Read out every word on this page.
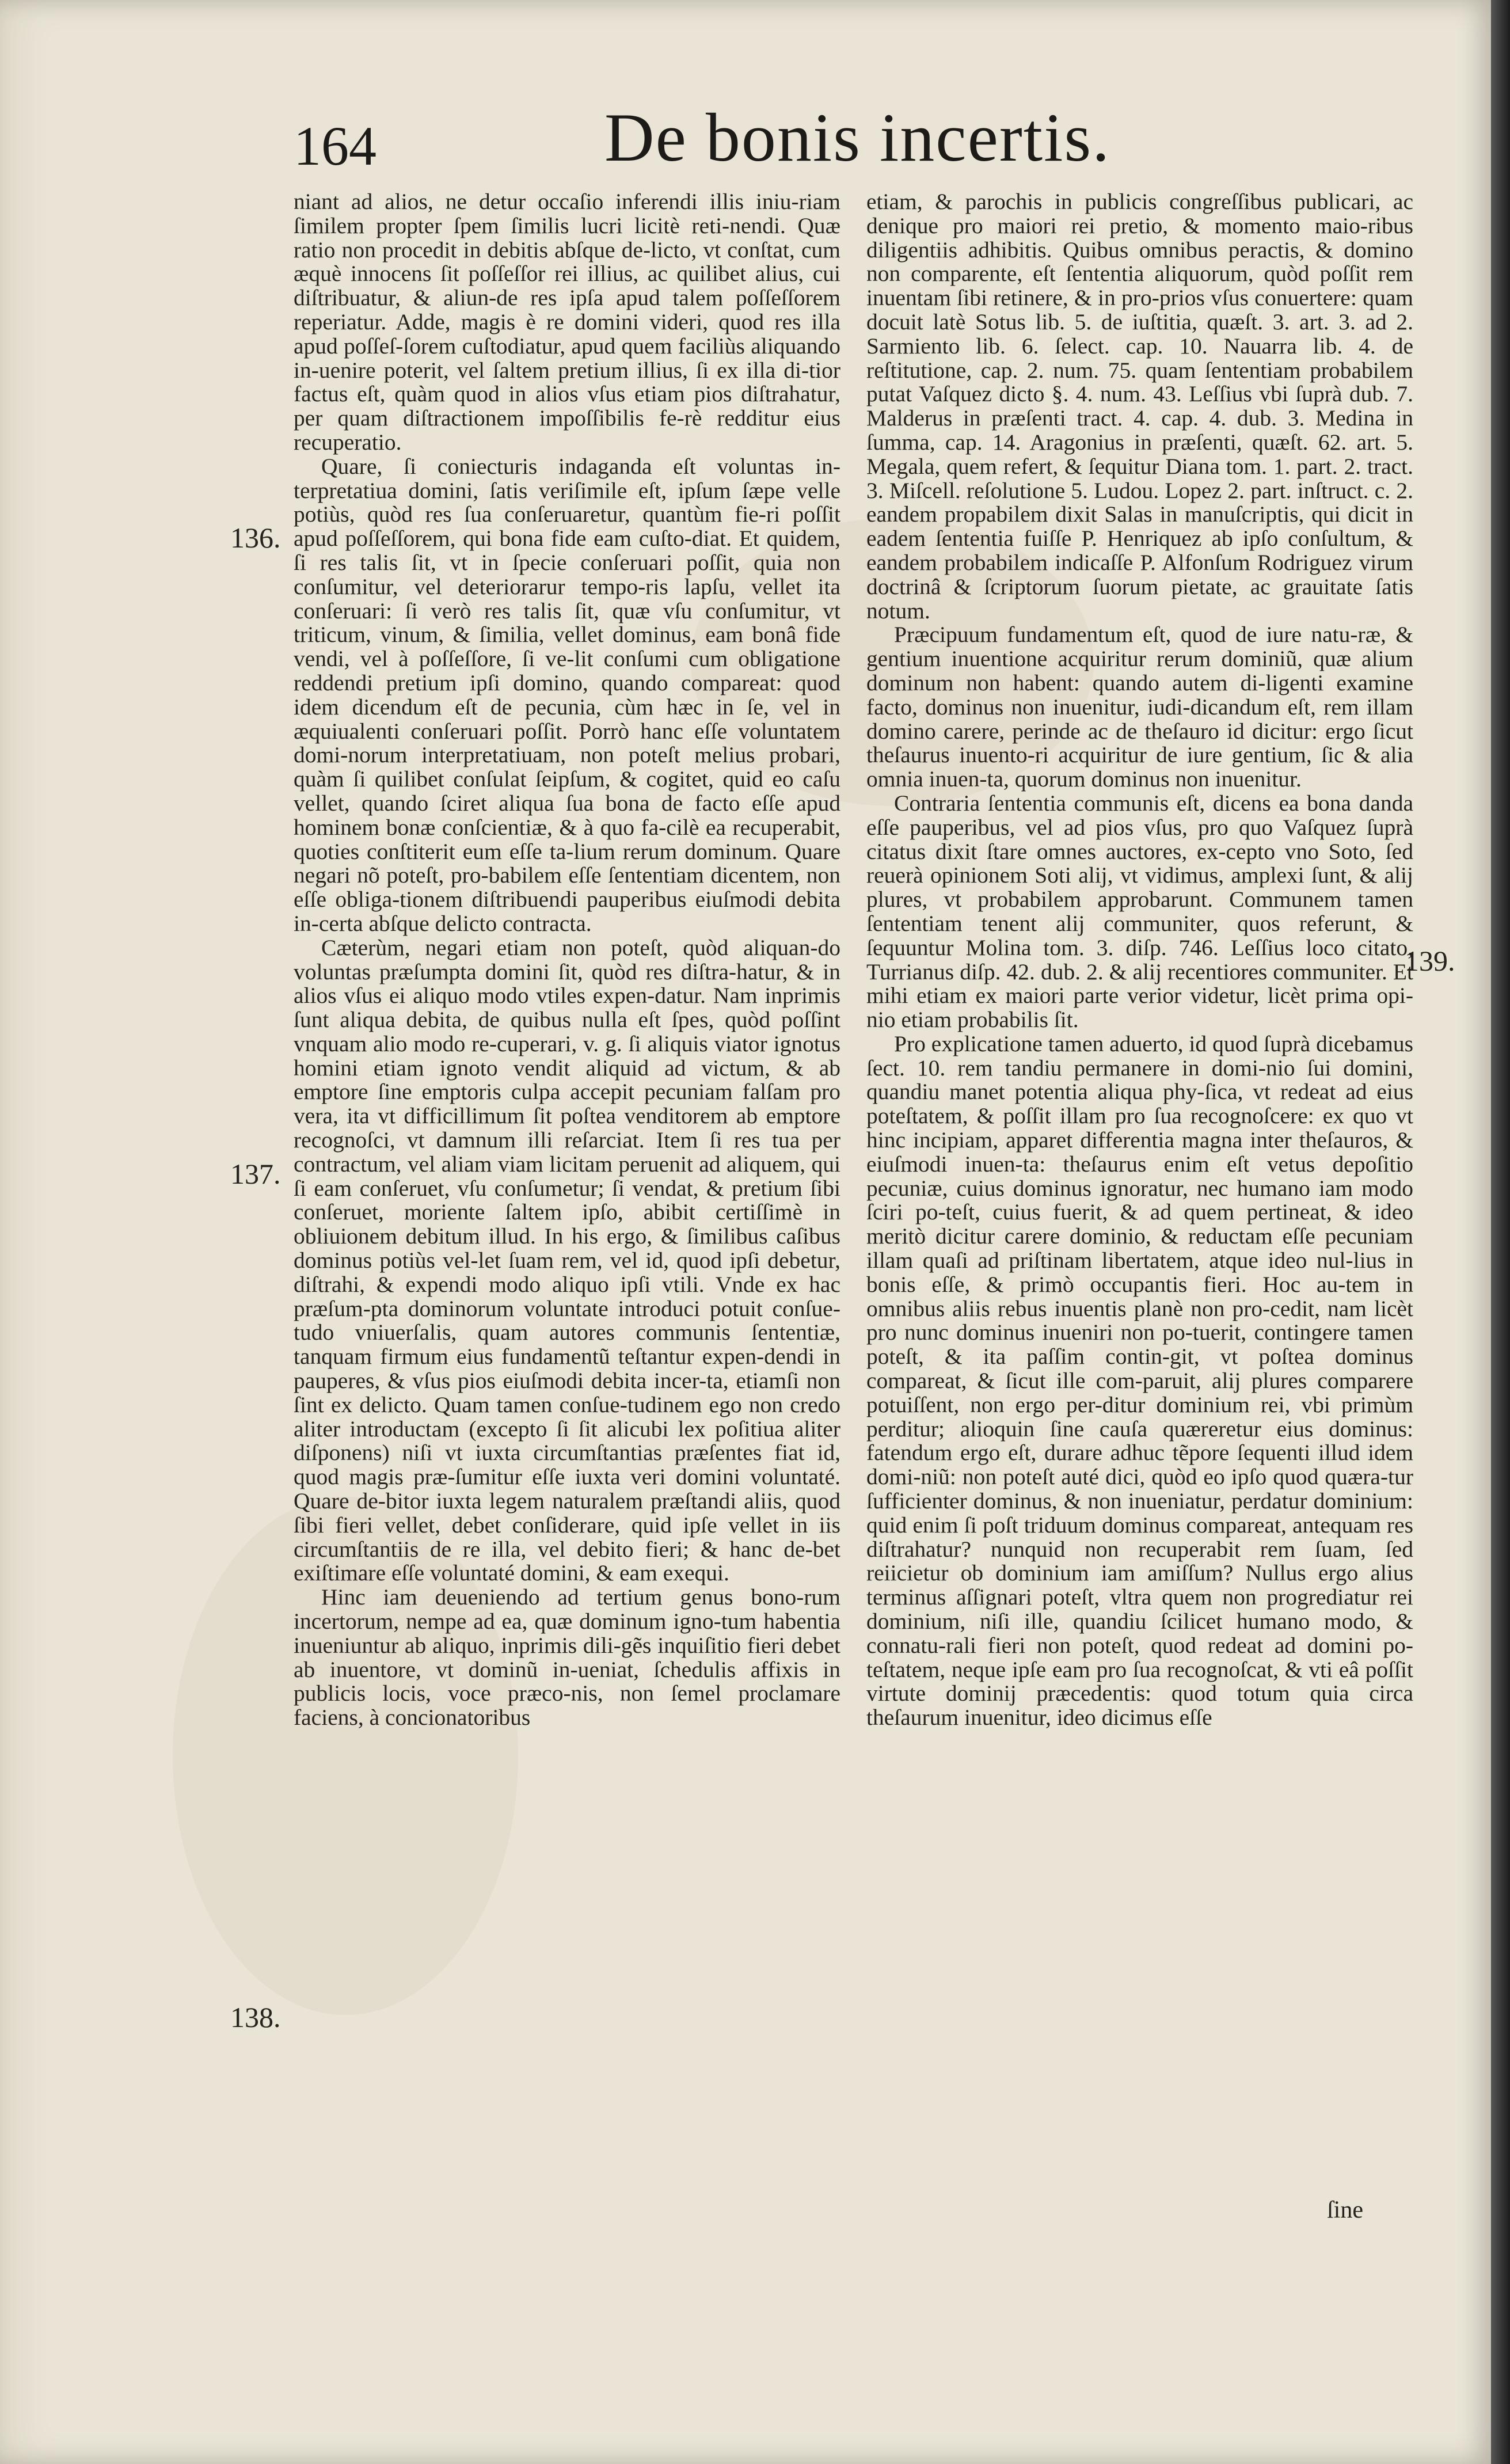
164	De bonis incertis.
136.
137.
138.
139.

niant ad alios, ne detur occaſio inferendi illis iniu-riam ſimilem propter ſpem ſimilis lucri licitè reti-nendi. Quæ ratio non procedit in debitis abſque de-licto, vt conſtat, cum æquè innocens ſit poſſeſſor rei illius, ac quilibet alius, cui diſtribuatur, & aliun-de res ipſa apud talem poſſeſſorem reperiatur. Adde, magis è re domini videri, quod res illa apud poſſeſ-ſorem cuſtodiatur, apud quem faciliùs aliquando in-uenire poterit, vel ſaltem pretium illius, ſi ex illa di-tior factus eſt, quàm quod in alios vſus etiam pios diſtrahatur, per quam diſtractionem impoſſibilis fe-rè redditur eius recuperatio.

Quare, ſi coniecturis indaganda eſt voluntas in-terpretatiua domini, ſatis veriſimile eſt, ipſum ſæpe velle potiùs, quòd res ſua conſeruaretur, quantùm fie-ri poſſit apud poſſeſſorem, qui bona fide eam cuſto-diat. Et quidem, ſi res talis ſit, vt in ſpecie conſeruari poſſit, quia non conſumitur, vel deteriorarur tempo-ris lapſu, vellet ita conſeruari: ſi verò res talis ſit, quæ vſu conſumitur, vt triticum, vinum, & ſimilia, vellet dominus, eam bonâ fide vendi, vel à poſſeſſore, ſi ve-lit conſumi cum obligatione reddendi pretium ipſi domino, quando compareat: quod idem dicendum eſt de pecunia, cùm hæc in ſe, vel in æquiualenti conſeruari poſſit. Porrò hanc eſſe voluntatem domi-norum interpretatiuam, non poteſt melius probari, quàm ſi quilibet conſulat ſeipſum, & cogitet, quid eo caſu vellet, quando ſciret aliqua ſua bona de facto eſſe apud hominem bonæ conſcientiæ, & à quo fa-cilè ea recuperabit, quoties conſtiterit eum eſſe ta-lium rerum dominum. Quare negari nõ poteſt, pro-babilem eſſe ſententiam dicentem, non eſſe obliga-tionem diſtribuendi pauperibus eiuſmodi debita in-certa abſque delicto contracta.

Cæterùm, negari etiam non poteſt, quòd aliquan-do voluntas præſumpta domini ſit, quòd res diſtra-hatur, & in alios vſus ei aliquo modo vtiles expen-datur. Nam inprimis ſunt aliqua debita, de quibus nulla eſt ſpes, quòd poſſint vnquam alio modo re-cuperari, v. g. ſi aliquis viator ignotus homini etiam ignoto vendit aliquid ad victum, & ab emptore ſine emptoris culpa accepit pecuniam falſam pro vera, ita vt difficillimum ſit poſtea venditorem ab emptore recognoſci, vt damnum illi reſarciat. Item ſi res tua per contractum, vel aliam viam licitam peruenit ad aliquem, qui ſi eam conſeruet, vſu conſumetur; ſi vendat, & pretium ſibi conſeruet, moriente ſaltem ipſo, abibit certiſſimè in obliuionem debitum illud. In his ergo, & ſimilibus caſibus dominus potiùs vel-let ſuam rem, vel id, quod ipſi debetur, diſtrahi, & expendi modo aliquo ipſi vtili. Vnde ex hac præſum-pta dominorum voluntate introduci potuit conſue-tudo vniuerſalis, quam autores communis ſententiæ, tanquam firmum eius fundamentũ teſtantur expen-dendi in pauperes, & vſus pios eiuſmodi debita incer-ta, etiamſi non ſint ex delicto. Quam tamen conſue-tudinem ego non credo aliter introductam (excepto ſi ſit alicubi lex poſitiua aliter diſponens) niſi vt iuxta circumſtantias præſentes fiat id, quod magis præ-ſumitur eſſe iuxta veri domini voluntaté. Quare de-bitor iuxta legem naturalem præſtandi aliis, quod ſibi fieri vellet, debet conſiderare, quid ipſe vellet in iis circumſtantiis de re illa, vel debito fieri; & hanc de-bet exiſtimare eſſe voluntaté domini, & eam exequi.

Hinc iam deueniendo ad tertium genus bono-rum incertorum, nempe ad ea, quæ dominum igno-tum habentia inueniuntur ab aliquo, inprimis dili-gẽs inquiſitio fieri debet ab inuentore, vt dominũ in-ueniat, ſchedulis affixis in publicis locis, voce præco-nis, non ſemel proclamare faciens, à concionatoribus

etiam, & parochis in publicis congreſſibus publicari, ac denique pro maiori rei pretio, & momento maio-ribus diligentiis adhibitis. Quibus omnibus peractis, & domino non comparente, eſt ſententia aliquorum, quòd poſſit rem inuentam ſibi retinere, & in pro-prios vſus conuertere: quam docuit latè Sotus lib. 5. de iuſtitia, quæſt. 3. art. 3. ad 2. Sarmiento lib. 6. ſelect. cap. 10. Nauarra lib. 4. de reſtitutione, cap. 2. num. 75. quam ſententiam probabilem putat Vaſquez dicto §. 4. num. 43. Leſſius vbi ſuprà dub. 7. Malderus in præſenti tract. 4. cap. 4. dub. 3. Medina in ſumma, cap. 14. Aragonius in præſenti, quæſt. 62. art. 5. Megala, quem refert, & ſequitur Diana tom. 1. part. 2. tract. 3. Miſcell. reſolutione 5. Ludou. Lopez 2. part. inſtruct. c. 2. eandem propabilem dixit Salas in manuſcriptis, qui dicit in eadem ſententia fuiſſe P. Henriquez ab ipſo conſultum, & eandem probabilem indicaſſe P. Alfonſum Rodriguez virum doctrinâ & ſcriptorum ſuorum pietate, ac grauitate ſatis notum.

Præcipuum fundamentum eſt, quod de iure natu-ræ, & gentium inuentione acquiritur rerum dominiũ, quæ alium dominum non habent: quando autem di-ligenti examine facto, dominus non inuenitur, iudi-dicandum eſt, rem illam domino carere, perinde ac de theſauro id dicitur: ergo ſicut theſaurus inuento-ri acquiritur de iure gentium, ſic & alia omnia inuen-ta, quorum dominus non inuenitur.

Contraria ſententia communis eſt, dicens ea bona danda eſſe pauperibus, vel ad pios vſus, pro quo Vaſquez ſuprà citatus dixit ſtare omnes auctores, ex-cepto vno Soto, ſed reuerà opinionem Soti alij, vt vidimus, amplexi ſunt, & alij plures, vt probabilem approbarunt. Communem tamen ſententiam tenent alij communiter, quos referunt, & ſequuntur Molina tom. 3. diſp. 746. Leſſius loco citato, Turrianus diſp. 42. dub. 2. & alij recentiores communiter. Et mihi etiam ex maiori parte verior videtur, licèt prima opi-nio etiam probabilis ſit.

Pro explicatione tamen aduerto, id quod ſuprà dicebamus ſect. 10. rem tandiu permanere in domi-nio ſui domini, quandiu manet potentia aliqua phy-ſica, vt redeat ad eius poteſtatem, & poſſit illam pro ſua recognoſcere: ex quo vt hinc incipiam, apparet differentia magna inter theſauros, & eiuſmodi inuen-ta: theſaurus enim eſt vetus depoſitio pecuniæ, cuius dominus ignoratur, nec humano iam modo ſciri po-teſt, cuius fuerit, & ad quem pertineat, & ideo meritò dicitur carere dominio, & reductam eſſe pecuniam illam quaſi ad priſtinam libertatem, atque ideo nul-lius in bonis eſſe, & primò occupantis fieri. Hoc au-tem in omnibus aliis rebus inuentis planè non pro-cedit, nam licèt pro nunc dominus inueniri non po-tuerit, contingere tamen poteſt, & ita paſſim contin-git, vt poſtea dominus compareat, & ſicut ille com-paruit, alij plures comparere potuiſſent, non ergo per-ditur dominium rei, vbi primùm perditur; alioquin ſine cauſa quæreretur eius dominus: fatendum ergo eſt, durare adhuc tẽpore ſequenti illud idem domi-niũ: non poteſt auté dici, quòd eo ipſo quod quæra-tur ſufficienter dominus, & non inueniatur, perdatur dominium: quid enim ſi poſt triduum dominus compareat, antequam res diſtrahatur? nunquid non recuperabit rem ſuam, ſed reiicietur ob dominium iam amiſſum? Nullus ergo alius terminus aſſignari poteſt, vltra quem non progrediatur rei dominium, niſi ille, quandiu ſcilicet humano modo, & connatu-rali fieri non poteſt, quod redeat ad domini po-teſtatem, neque ipſe eam pro ſua recognoſcat, & vti eâ poſſit virtute dominij præcedentis: quod totum quia circa theſaurum inuenitur, ideo dicimus eſſe

ſine
